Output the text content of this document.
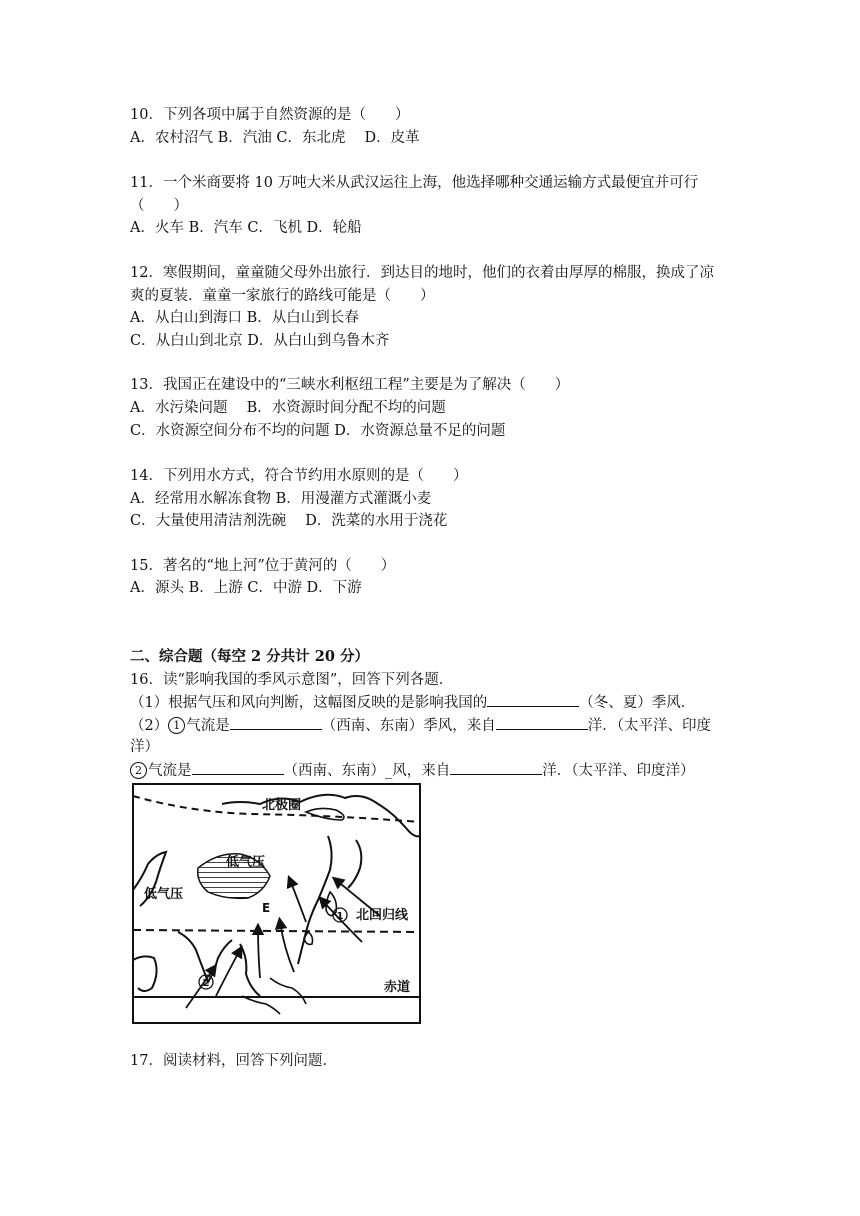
10．下列各项中属于自然资源的是（　　）
A．农村沼气 B．汽油 C．东北虎　 D．皮革
11．一个米商要将 10 万吨大米从武汉运往上海，他选择哪种交通运输方式最便宜并可行
（　　）
A．火车 B．汽车 C．飞机 D．轮船
12．寒假期间，童童随父母外出旅行．到达目的地时，他们的衣着由厚厚的棉服，换成了凉
爽的夏装．童童一家旅行的路线可能是（　　）
A．从白山到海口 B．从白山到长春
C．从白山到北京 D．从白山到乌鲁木齐
13．我国正在建设中的“三峡水利枢纽工程”主要是为了解决（　　）
A．水污染问题　 B．水资源时间分配不均的问题
C．水资源空间分布不均的问题 D．水资源总量不足的问题
14．下列用水方式，符合节约用水原则的是（　　）
A．经常用水解冻食物 B．用漫灌方式灌溉小麦
C．大量使用清洁剂洗碗　 D．洗菜的水用于浇花
15．著名的“地上河”位于黄河的（　　）
A．源头 B．上游 C．中游 D．下游
二、综合题（每空 2 分共计 20 分）
16．读“影响我国的季风示意图”，回答下列各题．
（1）根据气压和风向判断，这幅图反映的是影响我国的	（冬、夏）季风．
（2） 1 气流是	（西南、东南）季风，来自	洋．（太平洋、印度
洋）
2 气流是	（西南、东南）_风，来自	洋．（太平洋、印度洋）
北极圈
低气压
低气压
E
1 北回归线
2	赤道
17．阅读材料，回答下列问题．
